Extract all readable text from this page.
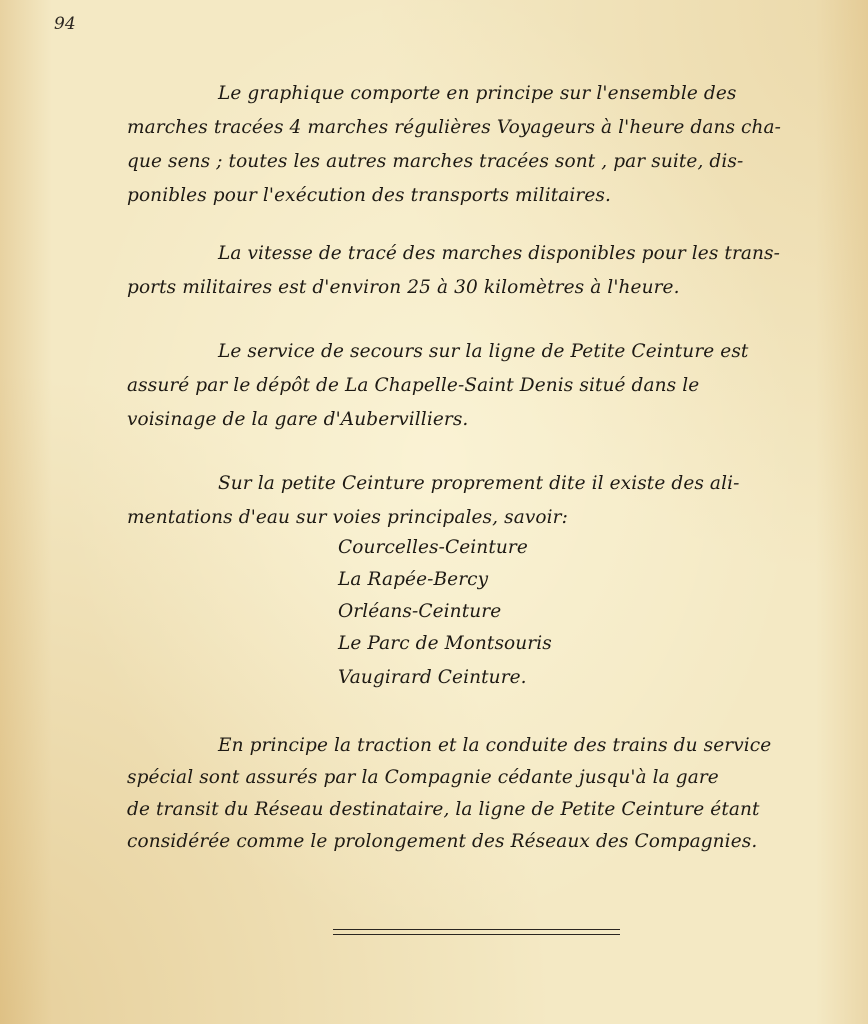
94
Le graphique comporte en principe sur l'ensemble des
marches tracées 4 marches régulières Voyageurs à l'heure dans cha-
que sens ; toutes les autres marches tracées sont , par suite, dis-
ponibles pour l'exécution des transports militaires.
La vitesse de tracé des marches disponibles pour les trans-
ports militaires est d'environ 25 à 30 kilomètres à l'heure.
Le service de secours sur la ligne de Petite Ceinture est
assuré par le dépôt de La Chapelle-Saint Denis situé dans le
voisinage de la gare d'Aubervilliers.
Sur la petite Ceinture proprement dite il existe des ali-
mentations d'eau sur voies principales, savoir:
Courcelles-Ceinture
La Rapée-Bercy
Orléans-Ceinture
Le Parc de Montsouris
Vaugirard Ceinture.
En principe la traction et la conduite des trains du service
spécial sont assurés par la Compagnie cédante jusqu'à la gare
de transit du Réseau destinataire, la ligne de Petite Ceinture étant
considérée comme le prolongement des Réseaux des Compagnies.
